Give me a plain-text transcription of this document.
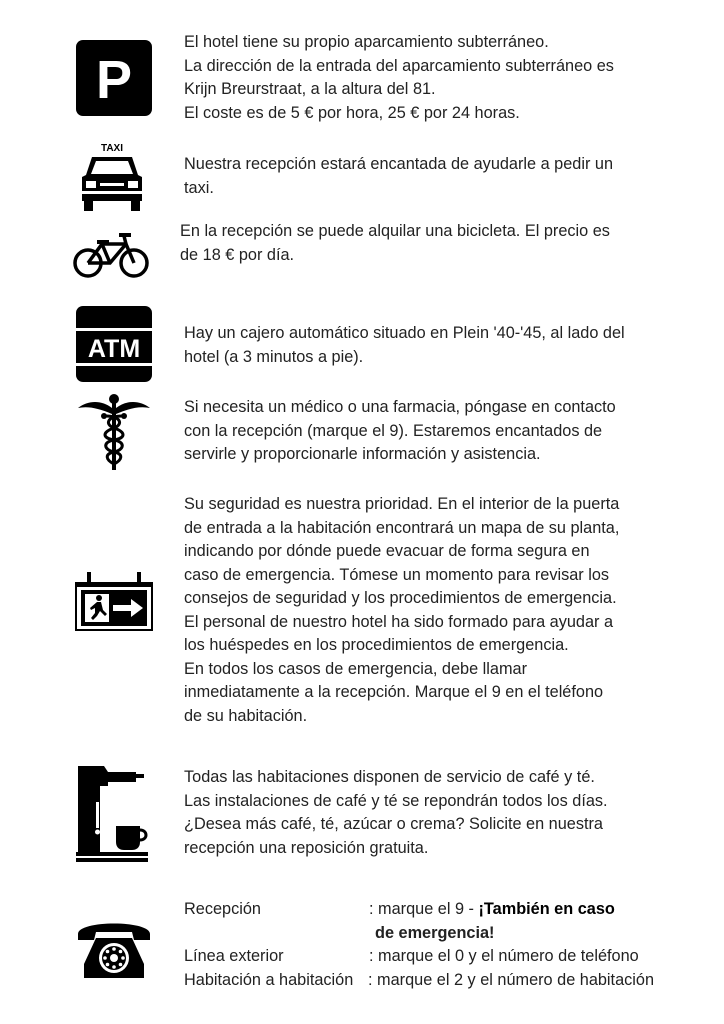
P
El hotel tiene su propio aparcamiento subterráneo.
La dirección de la entrada del aparcamiento subterráneo es
Krijn Breurstraat, a la altura del 81.
El coste es de 5 € por hora, 25 € por 24 horas.
TAXI
Nuestra recepción estará encantada de ayudarle a pedir un
taxi.
En la recepción se puede alquilar una bicicleta. El precio es
de 18 € por día.
ATM
Hay un cajero automático situado en Plein '40-'45, al lado del
hotel (a 3 minutos a pie).
Si necesita un médico o una farmacia, póngase en contacto
con la recepción (marque el 9). Estaremos encantados de
servirle y proporcionarle información y asistencia.
Su seguridad es nuestra prioridad. En el interior de la puerta
de entrada a la habitación encontrará un mapa de su planta,
indicando por dónde puede evacuar de forma segura en
caso de emergencia. Tómese un momento para revisar los
consejos de seguridad y los procedimientos de emergencia.
El personal de nuestro hotel ha sido formado para ayudar a
los huéspedes en los procedimientos de emergencia.
En todos los casos de emergencia, debe llamar
inmediatamente a la recepción. Marque el 9 en el teléfono
de su habitación.
Todas las habitaciones disponen de servicio de café y té.
Las instalaciones de café y té se repondrán todos los días.
¿Desea más café, té, azúcar o crema? Solicite en nuestra
recepción una reposición gratuita.
Recepción	: marque el 9 - ¡También en caso
de emergencia!
Línea exterior	: marque el 0 y el número de teléfono
Habitación a habitación : marque el 2 y el número de habitación
